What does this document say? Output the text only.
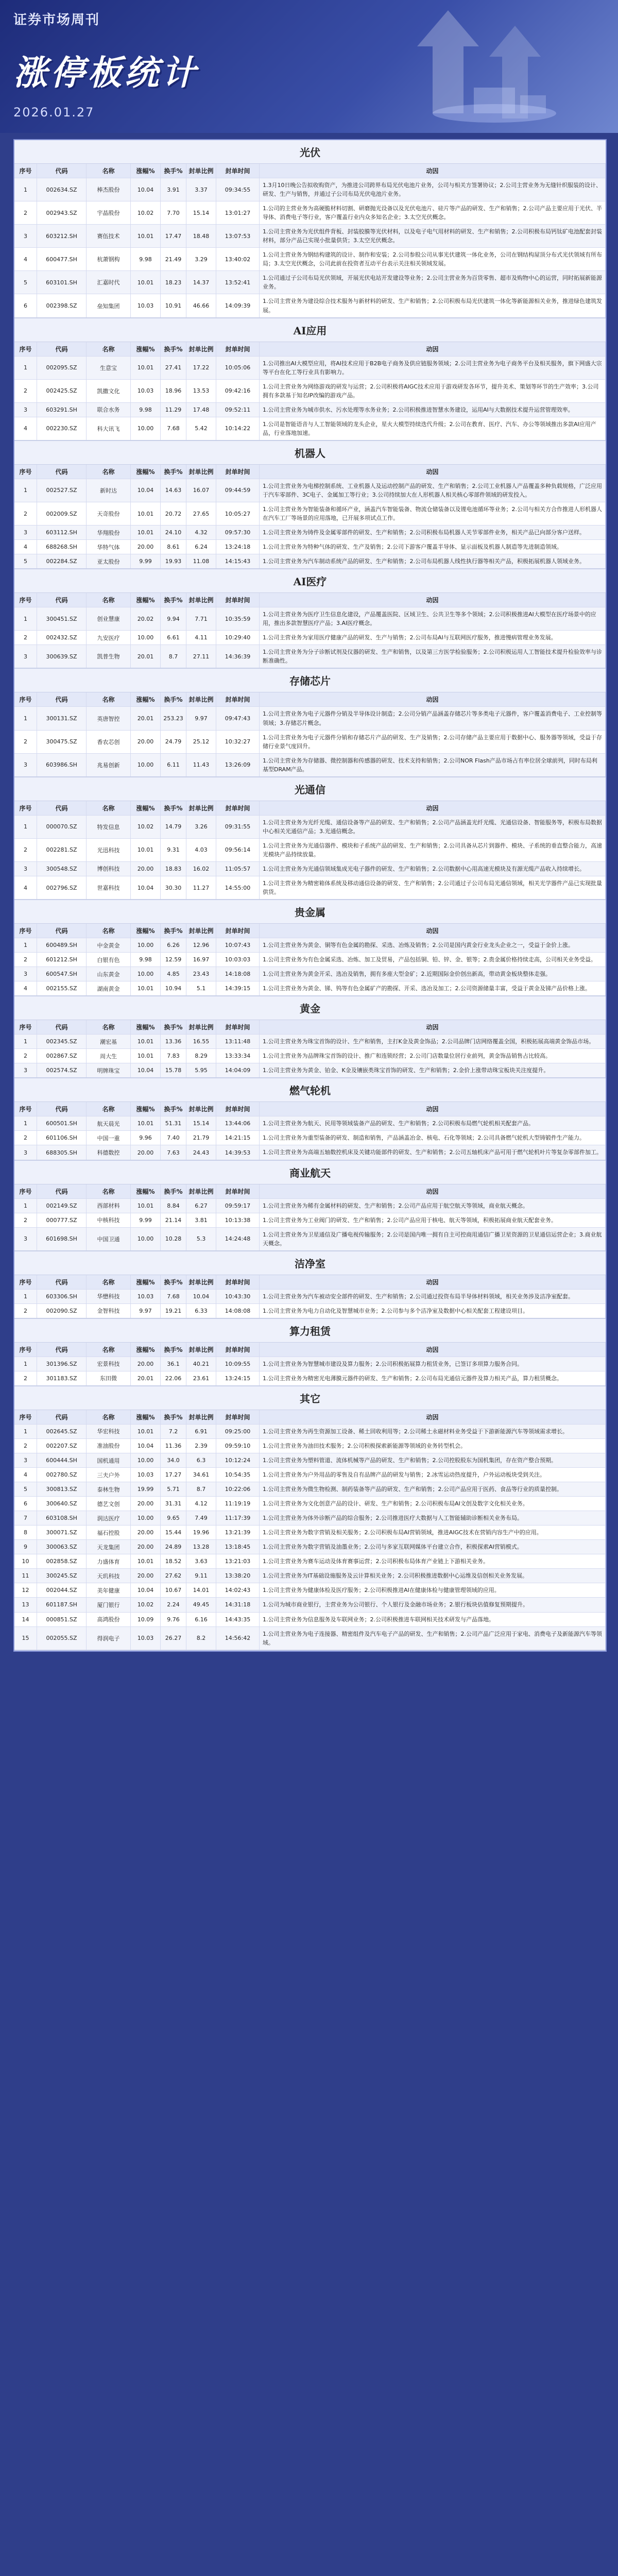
证券市场周刊
涨停板统计
2026.01.27
光伏
序号	代码	名称	涨幅%	换手% 封单比例	封单时间	动因
1	002634.SZ	棒杰股份	10.04	3.91	3.37	09:34:55
1.3月10日晚公告拟收购资产，为推进公司跨界布局光伏电池片业务，公司与相关方签署协议；2.公司主营业务为无缝针织服装的设计、研发、生产与销售，并通过子公司布局光伏电池片业务。
2	002943.SZ	宇晶股份	10.02	7.70	15.14	13:01:27
1.公司的主营业务为高硬脆材料切割、研磨抛光设备以及光伏电池片、硅片等产品的研发、生产和销售；2.公司产品主要应用于光伏、半导体、消费电子等行业，客户覆盖行业内众多知名企业；3.太空光伏概念。
3	603212.SH	赛伍技术	10.01	17.47	18.48	13:07:53
1.公司主营业务为光伏组件背板、封装胶膜等光伏材料，以及电子电气用材料的研发、生产和销售；2.公司积极布局钙钛矿电池配套封装材料，部分产品已实现小批量供货；3.太空光伏概念。
4	600477.SH	杭萧钢构	9.98	21.49	3.29	13:40:02
1.公司主营业务为钢结构建筑的设计、制作和安装；2.公司参股公司从事光伏建筑一体化业务，公司在钢结构屋顶分布式光伏领域有所布局；3.太空光伏概念，公司此前在投资者互动平台表示关注相关领域发展。
5	603101.SH	汇嘉时代	10.01	18.23	14.37	13:52:41
1.公司通过子公司布局光伏领域，开展光伏电站开发建设等业务；2.公司主营业务为百货零售、超市及购物中心的运营，同时拓展新能源业务。
6	002398.SZ	垒知集团	10.03	10.91	46.66	14:09:39
1.公司主营业务为建设综合技术服务与新材料的研发、生产和销售；2.公司积极布局光伏建筑一体化等新能源相关业务，推进绿色建筑发展。
AI应用
序号	代码	名称	涨幅%	换手% 封单比例	封单时间	动因
1	002095.SZ	生意宝	10.01	27.41	17.22	10:05:06
1.公司推出AI大模型应用，将AI技术应用于B2B电子商务及供应链服务领域；2.公司主营业务为电子商务平台及相关服务，旗下网盛大宗等平台在化工等行业具有影响力。
2	002425.SZ	凯撒文化	10.03	18.96	13.53	09:42:16
1.公司主营业务为网络游戏的研发与运营；2.公司积极将AIGC技术应用于游戏研发各环节，提升美术、策划等环节的生产效率；3.公司拥有多款基于知名IP改编的游戏产品。
3	603291.SH	联合水务	9.98	11.29	17.48	09:52:11	1.公司主营业务为城市供水、污水处理等水务业务；2.公司积极推进智慧水务建设，运用AI与大数据技术提升运营管理效率。
4	002230.SZ	科大讯飞	10.00	7.68	5.42	10:14:22
1.公司是智能语音与人工智能领域的龙头企业，星火大模型持续迭代升级；2.公司在教育、医疗、汽车、办公等领域推出多款AI应用产品，行业落地加速。
机器人
序号	代码	名称	涨幅%	换手% 封单比例	封单时间	动因
1	002527.SZ	新时达	10.04	14.63	16.07	09:44:59
1.公司主营业务为电梯控制系统、工业机器人及运动控制产品的研发、生产和销售；2.公司工业机器人产品覆盖多种负载规格，广泛应用于汽车零部件、3C电子、金属加工等行业；3.公司持续加大在人形机器人相关核心零部件领域的研发投入。
2	002009.SZ	天奇股份	10.01	20.72	27.65	10:05:27
1.公司主营业务为智能装备和循环产业，涵盖汽车智能装备、物流仓储装备以及锂电池循环等业务；2.公司与相关方合作推进人形机器人在汽车工厂等场景的应用落地，已开展多项试点工作。
3	603112.SH	华翔股份	10.01	24.10	4.32	09:57:30	1.公司主营业务为铸件及金属零部件的研发、生产和销售；2.公司积极布局机器人关节零部件业务，相关产品已向部分客户送样。
4	688268.SH	华特气体	20.00	8.61	6.24	13:24:18	1.公司主营业务为特种气体的研发、生产及销售；2.公司下游客户覆盖半导体、显示面板及机器人制造等先进制造领域。
5	002284.SZ	亚太股份	9.99	19.93	11.08	14:15:43	1.公司主营业务为汽车制动系统产品的研发、生产和销售；2.公司布局机器人线性执行器等相关产品，积极拓展机器人领域业务。
AI医疗
序号	代码	名称	涨幅%	换手% 封单比例	封单时间	动因
1	300451.SZ	创业慧康	20.02	9.94	7.71	10:35:59
1.公司主营业务为医疗卫生信息化建设，产品覆盖医院、区域卫生、公共卫生等多个领域；2.公司积极推进AI大模型在医疗场景中的应用，推出多款智慧医疗产品；3.AI医疗概念。
2	002432.SZ	九安医疗	10.00	6.61	4.11	10:29:40	1.公司主营业务为家用医疗健康产品的研发、生产与销售；2.公司布局AI与互联网医疗服务，推进慢病管理业务发展。
3	300639.SZ	凯普生物	20.01	8.7	27.11	14:36:39
1.公司主营业务为分子诊断试剂及仪器的研发、生产和销售，以及第三方医学检验服务；2.公司积极运用人工智能技术提升检验效率与诊断准确性。
存储芯片
序号	代码	名称	涨幅%	换手% 封单比例	封单时间	动因
1	300131.SZ	英唐智控	20.01	253.23	9.97	09:47:43
1.公司主营业务为电子元器件分销及半导体设计制造；2.公司分销产品涵盖存储芯片等多类电子元器件，客户覆盖消费电子、工业控制等领域；3.存储芯片概念。
2	300475.SZ	香农芯创	20.00	24.79	25.12	10:32:27
1.公司主营业务为电子元器件分销和存储芯片产品的研发、生产及销售；2.公司存储产品主要应用于数据中心、服务器等领域，受益于存储行业景气度回升。
3	603986.SH	兆易创新	10.00	6.11	11.43	13:26:09
1.公司主营业务为存储器、微控制器和传感器的研发、技术支持和销售；2.公司NOR Flash产品市场占有率位居全球前列，同时布局利基型DRAM产品。
光通信
序号	代码	名称	涨幅%	换手% 封单比例	封单时间	动因
1	000070.SZ	特发信息	10.02	14.79	3.26	09:31:55
1.公司主营业务为光纤光缆、通信设备等产品的研发、生产和销售；2.公司产品涵盖光纤光缆、光通信设备、智能服务等，积极布局数据中心相关光通信产品；3.光通信概念。
2	002281.SZ	光迅科技	10.01	9.31	4.03	09:56:14
1.公司主营业务为光通信器件、模块和子系统产品的研发、生产和销售；2.公司具备从芯片到器件、模块、子系统的垂直整合能力，高速光模块产品持续放量。
3	300548.SZ	博创科技	20.00	18.83	16.02	11:05:57	1.公司主营业务为光通信领域集成光电子器件的研发、生产和销售；2.公司数据中心用高速光模块及有源光缆产品收入持续增长。
4	002796.SZ	世嘉科技	10.04	30.30	11.27	14:55:00
1.公司主营业务为精密箱体系统及移动通信设备的研发、生产和销售；2.公司通过子公司布局光通信领域，相关光学器件产品已实现批量供货。
贵金属
序号	代码	名称	涨幅%	换手% 封单比例	封单时间	动因
1	600489.SH	中金黄金	10.00	6.26	12.96	10:07:43	1.公司主营业务为黄金、铜等有色金属的勘探、采选、冶炼及销售；2.公司是国内黄金行业龙头企业之一，受益于金价上涨。
2	601212.SH	白银有色	9.98	12.59	16.97	10:03:03	1.公司主营业务为有色金属采选、冶炼、加工及贸易，产品包括铜、铅、锌、金、银等；2.贵金属价格持续走高，公司相关业务受益。
3	600547.SH	山东黄金	10.00	4.85	23.43	14:18:08	1.公司主营业务为黄金开采、选冶及销售，拥有多座大型金矿；2.近期国际金价创出新高，带动黄金板块整体走强。
4	002155.SZ	湖南黄金	10.01	10.94	5.1	14:39:15	1.公司主营业务为黄金、锑、钨等有色金属矿产的勘探、开采、选冶及加工；2.公司资源储量丰富，受益于黄金及锑产品价格上涨。
黄金
序号	代码	名称	涨幅%	换手% 封单比例	封单时间	动因
1	002345.SZ	潮宏基	10.01	13.36	16.55	13:11:48	1.公司主营业务为珠宝首饰的设计、生产和销售，主打K金及黄金饰品；2.公司品牌门店网络覆盖全国，积极拓展高端黄金饰品市场。
2	002867.SZ	周大生	10.01	7.83	8.29	13:33:34	1.公司主营业务为品牌珠宝首饰的设计、推广和连锁经营；2.公司门店数量位居行业前列，黄金饰品销售占比较高。
3	002574.SZ	明牌珠宝	10.04	15.78	5.95	14:04:09	1.公司主营业务为黄金、铂金、K金及镶嵌类珠宝首饰的研发、生产和销售；2.金价上涨带动珠宝板块关注度提升。
燃气轮机
序号	代码	名称	涨幅%	换手% 封单比例	封单时间	动因
1	600501.SH	航天晨光	10.01	51.31	15.14	13:44:06	1.公司主营业务为航天、民用等领域装备产品的研发、生产和销售；2.公司积极布局燃气轮机相关配套产品。
2	601106.SH	中国一重	9.96	7.40	21.79	14:21:15	1.公司主营业务为重型装备的研发、制造和销售，产品涵盖冶金、核电、石化等领域；2.公司具备燃气轮机大型铸锻件生产能力。
3	688305.SH	科德数控	20.00	7.63	24.43	14:39:53	1.公司主营业务为高端五轴数控机床及关键功能部件的研发、生产和销售；2.公司五轴机床产品可用于燃气轮机叶片等复杂零部件加工。
商业航天
序号	代码	名称	涨幅%	换手% 封单比例	封单时间	动因
1	002149.SZ	西部材料	10.01	8.84	6.27	09:59:17	1.公司主营业务为稀有金属材料的研发、生产和销售；2.公司产品应用于航空航天等领域，商业航天概念。
2	000777.SZ	中核科技	9.99	21.14	3.81	10:13:38	1.公司主营业务为工业阀门的研发、生产和销售；2.公司产品应用于核电、航天等领域，积极拓展商业航天配套业务。
3	601698.SH	中国卫通	10.00	10.28	5.3	14:24:48
1.公司主营业务为卫星通信及广播电视传输服务；2.公司是国内唯一拥有自主可控商用通信广播卫星资源的卫星通信运营企业；3.商业航天概念。
洁净室
序号	代码	名称	涨幅%	换手% 封单比例	封单时间	动因
1	603306.SH	华懋科技	10.03	7.68	10.04	10:43:30	1.公司主营业务为汽车被动安全部件的研发、生产和销售；2.公司通过投资布局半导体材料领域，相关业务涉及洁净室配套。
2	002090.SZ	金智科技	9.97	19.21	6.33	14:08:08	1.公司主营业务为电力自动化及智慧城市业务；2.公司参与多个洁净室及数据中心相关配套工程建设项目。
算力租赁
序号	代码	名称	涨幅%	换手% 封单比例	封单时间	动因
1	301396.SZ	宏景科技	20.00	36.1	40.21	10:09:55	1.公司主营业务为智慧城市建设及算力服务；2.公司积极拓展算力租赁业务，已签订多项算力服务合同。
2	301183.SZ	东田微	20.01	22.06	23.61	13:24:15	1.公司主营业务为精密光电薄膜元器件的研发、生产和销售；2.公司布局光通信元器件及算力相关产品，算力租赁概念。
其它
序号	代码	名称	涨幅%	换手% 封单比例	封单时间	动因
1	002645.SZ	华宏科技	10.01	7.2	6.91	09:25:00	1.公司主营业务为再生资源加工设备、稀土回收利用等；2.公司稀土永磁材料业务受益于下游新能源汽车等领域需求增长。
2	002207.SZ	准油股份	10.04	11.36	2.39	09:59:10	1.公司主营业务为油田技术服务；2.公司积极探索新能源等领域的业务转型机会。
3	600444.SH	国机通用	10.00	34.0	6.3	10:12:24	1.公司主营业务为塑料管道、流体机械等产品的研发、生产和销售；2.公司控股股东为国机集团，存在资产整合预期。
4	002780.SZ	三夫户外	10.03	17.27	34.61	10:54:35	1.公司主营业务为户外用品的零售及自有品牌产品的研发与销售；2.冰雪运动热度提升，户外运动板块受到关注。
5	300813.SZ	泰林生物	19.99	5.71	8.7	10:22:06	1.公司主营业务为微生物检测、制药装备等产品的研发、生产和销售；2.公司产品应用于医药、食品等行业的质量控制。
6	300640.SZ	德艺文创	20.00	31.31	4.12	11:19:19	1.公司主营业务为文化创意产品的设计、研发、生产和销售；2.公司积极布局AI文创及数字文化相关业务。
7	603108.SH	润达医疗	10.00	9.65	7.49	11:17:39	1.公司主营业务为体外诊断产品的综合服务；2.公司推进医疗大数据与人工智能辅助诊断相关业务布局。
8	300071.SZ	福石控股	20.00	15.44	19.96	13:21:39	1.公司主营业务为数字营销及相关服务；2.公司积极布局AI营销领域，推进AIGC技术在营销内容生产中的应用。
9	300063.SZ	天龙集团	20.00	24.89	13.28	13:18:45	1.公司主营业务为数字营销及油墨业务；2.公司与多家互联网媒体平台建立合作，积极探索AI营销模式。
10	002858.SZ	力盛体育	10.01	18.52	3.63	13:21:03	1.公司主营业务为赛车运动及体育赛事运营；2.公司积极布局体育产业链上下游相关业务。
11	300245.SZ	天玑科技	20.00	27.62	9.11	13:38:20	1.公司主营业务为IT基础设施服务及云计算相关业务；2.公司积极推进数据中心运维及信创相关业务发展。
12	002044.SZ	美年健康	10.04	10.67	14.01	14:02:43	1.公司主营业务为健康体检及医疗服务；2.公司积极推进AI在健康体检与健康管理领域的应用。
13	601187.SH	厦门银行	10.02	2.24	49.45	14:31:18	1.公司为城市商业银行，主营业务为公司银行、个人银行及金融市场业务；2.银行板块估值修复预期提升。
14	000851.SZ	高鸿股份	10.09	9.76	6.16	14:43:35	1.公司主营业务为信息服务及车联网业务；2.公司积极推进车联网相关技术研发与产品落地。
15	002055.SZ	得润电子	10.03	26.27	8.2	14:56:42
1.公司主营业务为电子连接器、精密组件及汽车电子产品的研发、生产和销售；2.公司产品广泛应用于家电、消费电子及新能源汽车等领域。
